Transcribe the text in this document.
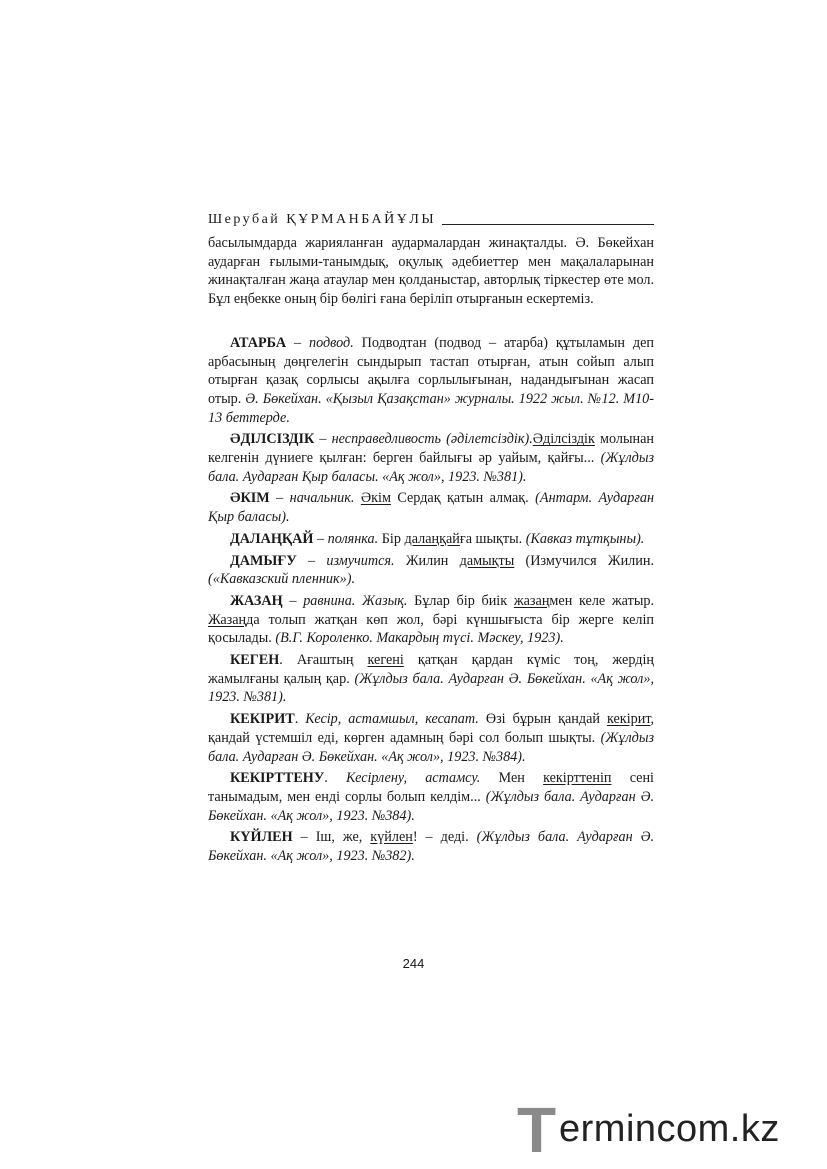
Шерубай ҚҰРМАНБАЙҰЛЫ

басылымдарда жарияланған аудармалардан жинақталды. Ә. Бөкейхан аударған ғылыми-танымдық, оқулық әдебиеттер мен мақалаларынан жинақталған жаңа атаулар мен қолданыстар, авторлық тіркестер өте мол. Бұл еңбекке оның бір бөлігі ғана беріліп отырғанын ескертеміз.

АТАРБА – подвод. Подводтан (подвод – атарба) құтыламын деп арбасының дөңгелегін сындырып тастап отырған, атын сойып алып отырған қазақ сорлысы ақылға сорлылығынан, надандығынан жасап отыр. Ә. Бөкейхан. «Қызыл Қазақстан» журналы. 1922 жыл. №12. М10-13 беттерде.

ӘДІЛСІЗДІК – несправедливость (әділетсіздік).Әділсіздік молынан келгенін дүниеге қылған: берген байлығы әр уайым, қайғы... (Жұлдыз бала. Аударған Қыр баласы. «Ақ жол», 1923. №381).

ӘКІМ – начальник. Әкім Сердақ қатын алмақ. (Антарм. Аударған Қыр баласы).

ДАЛАҢҚАЙ – полянка. Бір далаңқайға шықты. (Кавказ тұтқыны).

ДАМЫҒУ – измучится. Жилин дамықты (Измучился Жилин. («Кавказский пленник»).

ЖАЗАҢ – равнина. Жазық. Бұлар бір биік жазаңмен келе жатыр. Жазаңда толып жатқан көп жол, бәрі күншығыста бір жерге келіп қосылады. (В.Г. Короленко. Макардың түсі. Мәскеу, 1923).

КЕГЕН. Ағаштың кегені қатқан қардан күміс тоң, жердің жамылғаны қалың қар. (Жұлдыз бала. Аударған Ә. Бөкейхан. «Ақ жол», 1923. №381).

КЕКІРИТ. Кесір, астамшыл, кесапат. Өзі бұрын қандай кекірит, қандай үстемшіл еді, көрген адамның бәрі сол болып шықты. (Жұлдыз бала. Аударған Ә. Бөкейхан. «Ақ жол», 1923. №384).

КЕКІРТТЕНУ. Кесірлену, астамсу. Мен кекірттеніп сені танымадым, мен енді сорлы болып келдім... (Жұлдыз бала. Аударған Ә. Бөкейхан. «Ақ жол», 1923. №384).

КҮЙЛЕН – Іш, же, күйлен! – деді. (Жұлдыз бала. Аударған Ә. Бөкейхан. «Ақ жол», 1923. №382).

244
T ermincom.kz
